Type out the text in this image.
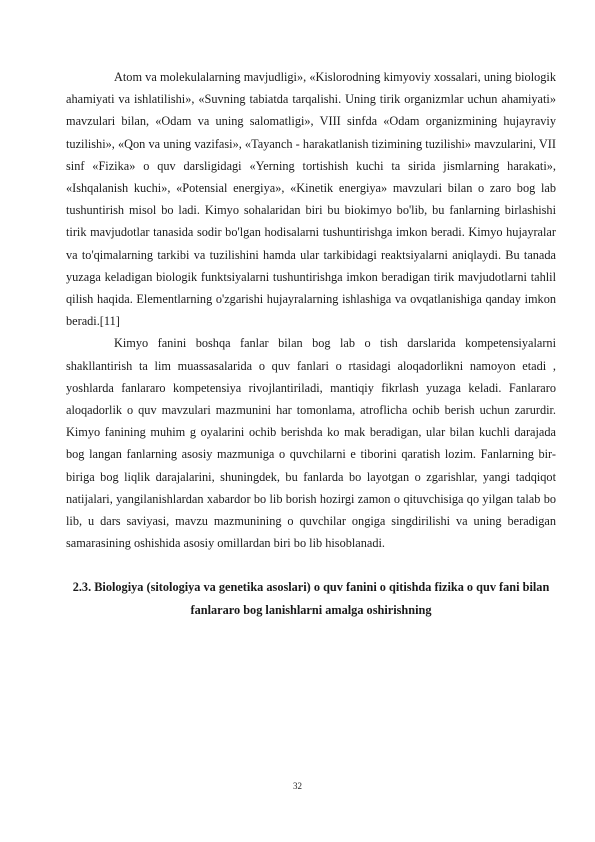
Atom va molekulalarning mavjudligi», «Kislorodning kimyoviy xossalari, uning biologik ahamiyati va ishlatilishi», «Suvning tabiatda tarqalishi. Uning tirik organizmlar uchun ahamiyati» mavzulari bilan, «Odam va uning salomatligi», VIII sinfda «Odam organizmining hujayraviy tuzilishi», «Qon va uning vazifasi», «Tayanch - harakatlanish tizimining tuzilishi» mavzularini, VII sinf «Fizika» o quv darsligidagi «Yerning tortishish kuchi ta sirida jismlarning harakati», «Ishqalanish kuchi», «Potensial energiya», «Kinetik energiya» mavzulari bilan o zaro bog lab tushuntirish misol bo ladi. Kimyo sohalaridan biri bu biokimyo bo'lib, bu fanlarning birlashishi tirik mavjudotlar tanasida sodir bo'lgan hodisalarni tushuntirishga imkon beradi. Kimyo hujayralar va to'qimalarning tarkibi va tuzilishini hamda ular tarkibidagi reaktsiyalarni aniqlaydi. Bu tanada yuzaga keladigan biologik funktsiyalarni tushuntirishga imkon beradigan tirik mavjudotlarni tahlil qilish haqida. Elementlarning o'zgarishi hujayralarning ishlashiga va ovqatlanishiga qanday imkon beradi.[11]

Kimyo fanini boshqa fanlar bilan bog lab o tish darslarida kompetensiyalarni shakllantirish ta lim muassasalarida o quv fanlari o rtasidagi aloqadorlikni namoyon etadi , yoshlarda fanlararo kompetensiya rivojlantiriladi, mantiqiy fikrlash yuzaga keladi. Fanlararo aloqadorlik o quv mavzulari mazmunini har tomonlama, atroflicha ochib berish uchun zarurdir. Kimyo fanining muhim g oyalarini ochib berishda ko mak beradigan, ular bilan kuchli darajada bog langan fanlarning asosiy mazmuniga o quvchilarni e tiborini qaratish lozim. Fanlarning bir-biriga bog liqlik darajalarini, shuningdek, bu fanlarda bo layotgan o zgarishlar, yangi tadqiqot natijalari, yangilanishlardan xabardor bo lib borish hozirgi zamon o qituvchisiga qo yilgan talab bo lib, u dars saviyasi, mavzu mazmunining o quvchilar ongiga singdirilishi va uning beradigan samarasining oshishida asosiy omillardan biri bo lib hisoblanadi.

2.3. Biologiya (sitologiya va genetika asoslari) o quv fanini o qitishda fizika o quv fani bilan fanlararo bog lanishlarni amalga oshirishning

32
